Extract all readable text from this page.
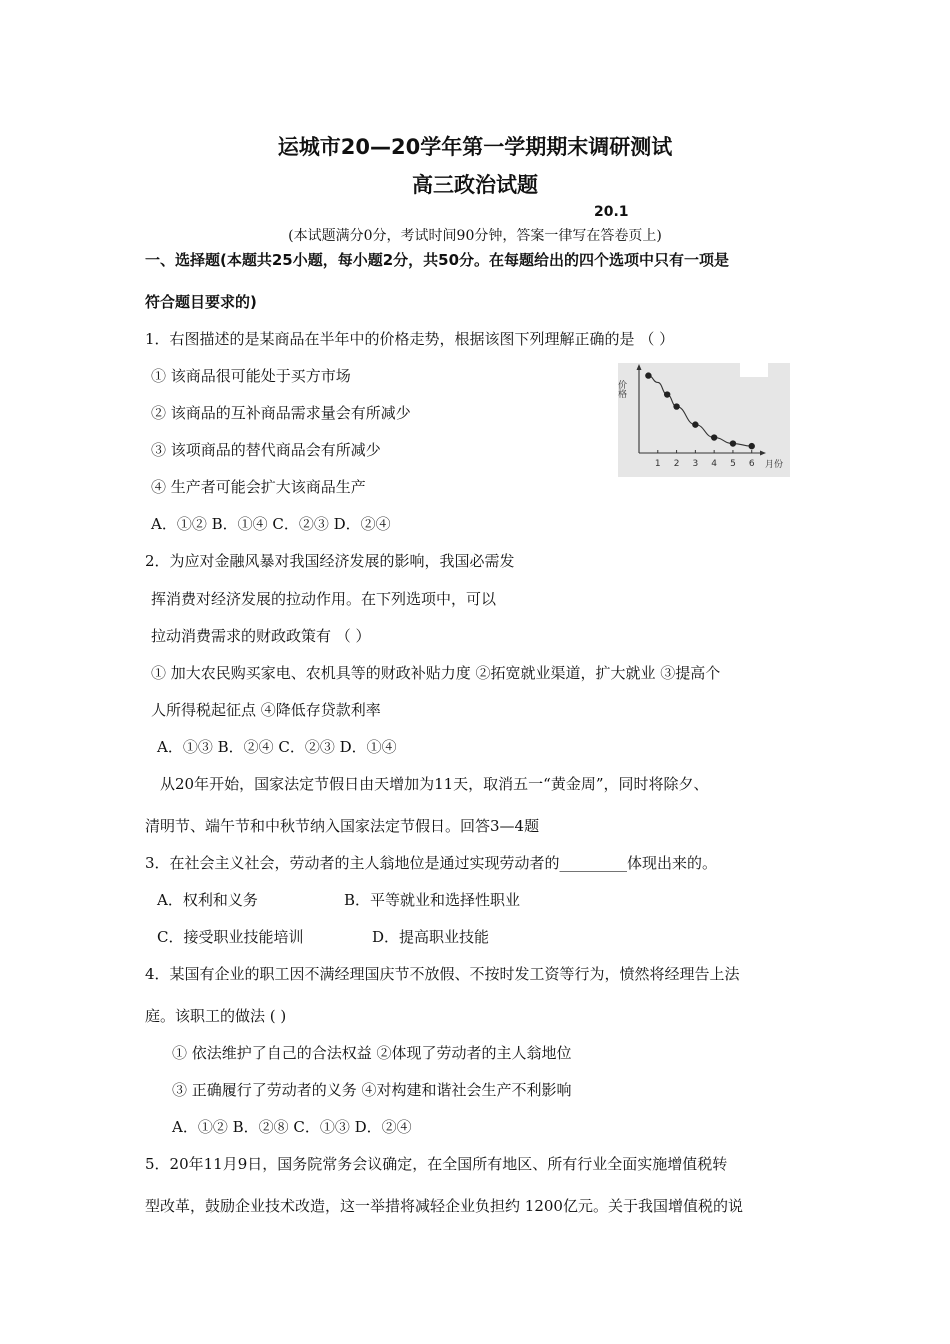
运城市20—20学年第一学期期末调研测试
高三政治试题
20.1
(本试题满分0分，考试时间90分钟，答案一律写在答卷页上)
一、选择题(本题共25小题，每小题2分，共50分。在每题给出的四个选项中只有一项是
符合题目要求的)
1．右图描述的是某商品在半年中的价格走势，根据该图下列理解正确的是 （ ）
① 该商品很可能处于买方市场
② 该商品的互补商品需求量会有所减少
③ 该项商品的替代商品会有所减少
④ 生产者可能会扩大该商品生产
A．①② B．①④ C．②③ D．②④
价格
月份
1 2 3 4 5 6
2．为应对金融风暴对我国经济发展的影响，我国必需发
挥消费对经济发展的拉动作用。在下列选项中，可以
拉动消费需求的财政政策有 （ ）
① 加大农民购买家电、农机具等的财政补贴力度 ②拓宽就业渠道，扩大就业 ③提高个
人所得税起征点 ④降低存贷款利率
A．①③ B．②④ C．②③ D．①④
从20年开始，国家法定节假日由天增加为11天，取消五一“黄金周”，同时将除夕、
清明节、端午节和中秋节纳入国家法定节假日。回答3—4题
3．在社会主义社会，劳动者的主人翁地位是通过实现劳动者的_________体现出来的。
A．权利和义务	B．平等就业和选择性职业
C．接受职业技能培训	D．提高职业技能
4．某国有企业的职工因不满经理国庆节不放假、不按时发工资等行为，愤然将经理告上法
庭。该职工的做法 ( )
① 依法维护了自己的合法权益 ②体现了劳动者的主人翁地位
③ 正确履行了劳动者的义务 ④对构建和谐社会生产不利影响
A．①② B．②⑧ C．①③ D．②④
5．20年11月9日，国务院常务会议确定，在全国所有地区、所有行业全面实施增值税转
型改革，鼓励企业技术改造，这一举措将减轻企业负担约 1200亿元。关于我国增值税的说
